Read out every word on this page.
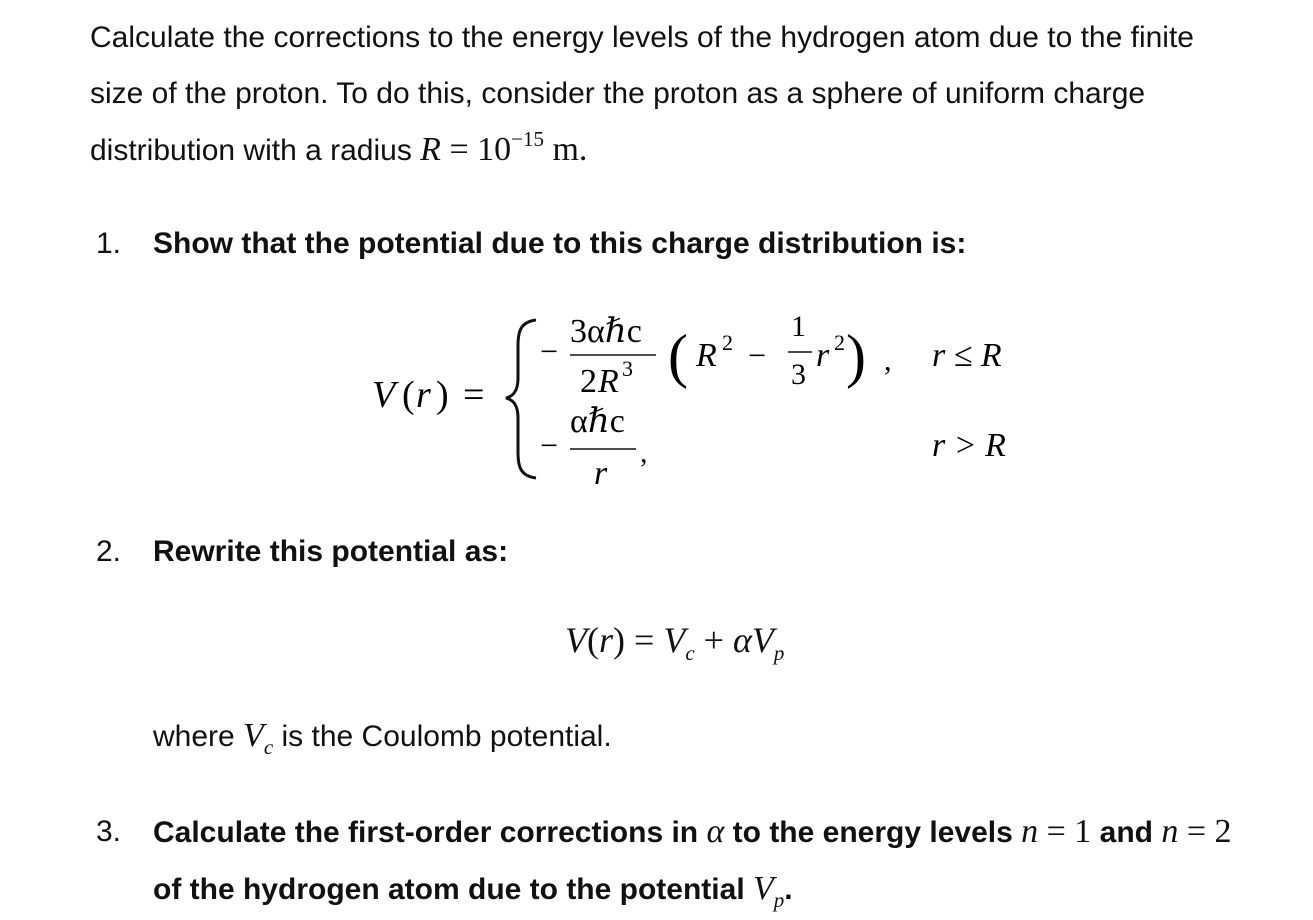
Calculate the corrections to the energy levels of the hydrogen atom due to the finite size of the proton. To do this, consider the proton as a sphere of uniform charge distribution with a radius $R = 10^{-15}$ m.

1.	Show that the potential due to this charge distribution is:
V ( r ) =
−
3αℏc
2 R 3 ( R 2 −
1
3
r 2 ) , r ≤ R
−
αℏc
r
,	r > R
2.	Rewrite this potential as:
$V(r) = V_c + \alpha V_p$
where $V_c$ is the Coulomb potential.
3.	Calculate the first-order corrections in α to the energy levels n = 1 and n = 2 of the hydrogen atom due to the potential $V_p$.
